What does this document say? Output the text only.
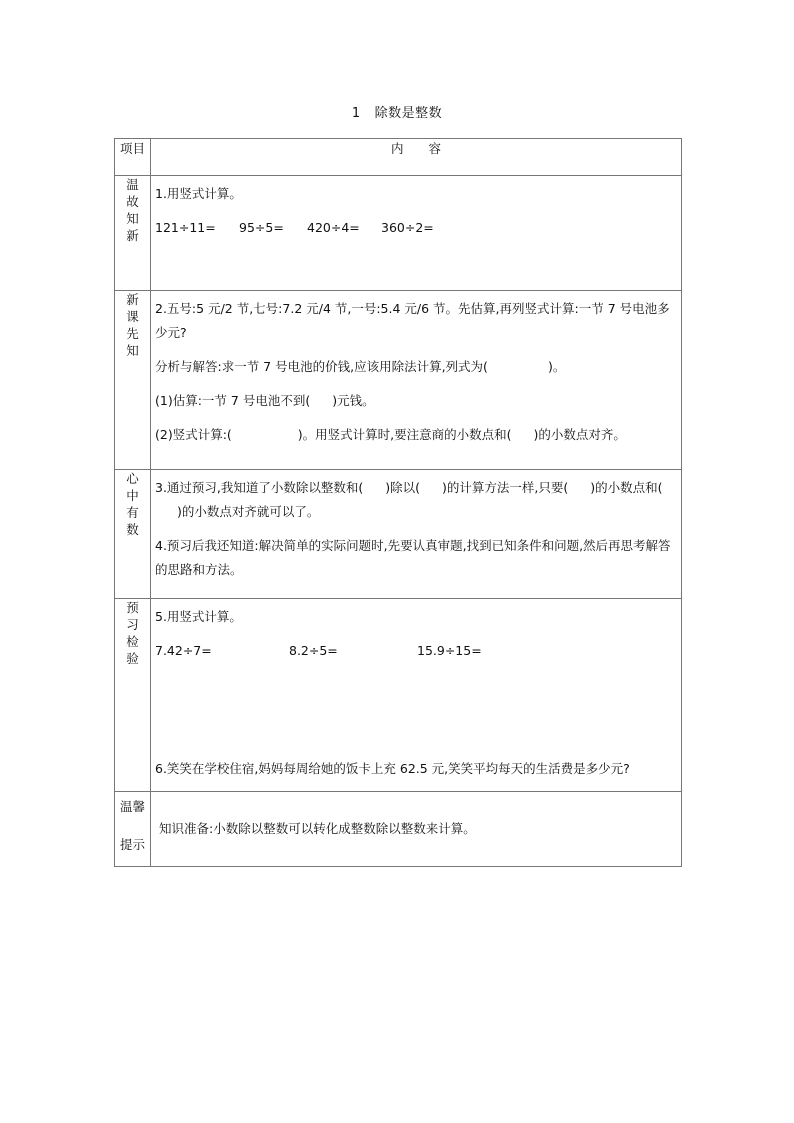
1 除数是整数
项目	内　　容
温故知新	1.用竖式计算。
121÷11= 95÷5= 420÷4= 360÷2=

新课先知	2.五号:5 元/2 节,七号:7.2 元/4 节,一号:5.4 元/6 节。先估算,再列竖式计算:一节 7 号电池多少元?
分析与解答:求一节 7 号电池的价钱,应该用除法计算,列式为( )。
(1)估算:一节 7 号电池不到( )元钱。
(2)竖式计算:( )。用竖式计算时,要注意商的小数点和( )的小数点对齐。

心中有数	3.通过预习,我知道了小数除以整数和( )除以( )的计算方法一样,只要( )的小数点和()的小数点对齐就可以了。
4.预习后我还知道:解决简单的实际问题时,先要认真审题,找到已知条件和问题,然后再思考解答的思路和方法。

预习检验	5.用竖式计算。
7.42÷7= 8.2÷5= 15.9÷15=
6.笑笑在学校住宿,妈妈每周给她的饭卡上充 62.5 元,笑笑平均每天的生活费是多少元?

温馨
提示	知识准备:小数除以整数可以转化成整数除以整数来计算。
